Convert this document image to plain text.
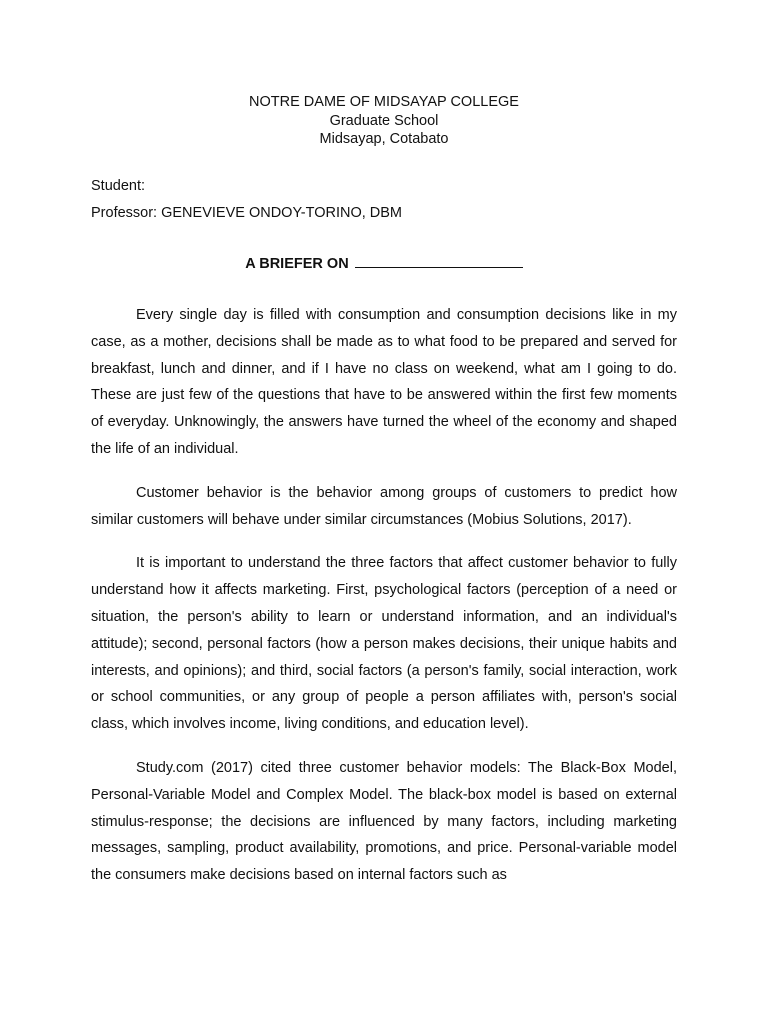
NOTRE DAME OF MIDSAYAP COLLEGE
Graduate School
Midsayap, Cotabato
Student:
Professor: GENEVIEVE ONDOY-TORINO, DBM
A BRIEFER ON

Every single day is filled with consumption and consumption decisions like in my case, as a mother, decisions shall be made as to what food to be prepared and served for breakfast, lunch and dinner, and if I have no class on weekend, what am I going to do. These are just few of the questions that have to be answered within the first few moments of everyday. Unknowingly, the answers have turned the wheel of the economy and shaped the life of an individual.

Customer behavior is the behavior among groups of customers to predict how similar customers will behave under similar circumstances (Mobius Solutions, 2017).

It is important to understand the three factors that affect customer behavior to fully understand how it affects marketing. First, psychological factors (perception of a need or situation, the person's ability to learn or understand information, and an individual's attitude); second, personal factors (how a person makes decisions, their unique habits and interests, and opinions); and third, social factors (a person's family, social interaction, work or school communities, or any group of people a person affiliates with, person's social class, which involves income, living conditions, and education level).

Study.com (2017) cited three customer behavior models: The Black-Box Model, Personal-Variable Model and Complex Model. The black-box model is based on external stimulus-response; the decisions are influenced by many factors, including marketing messages, sampling, product availability, promotions, and price. Personal-variable model the consumers make decisions based on internal factors such as
